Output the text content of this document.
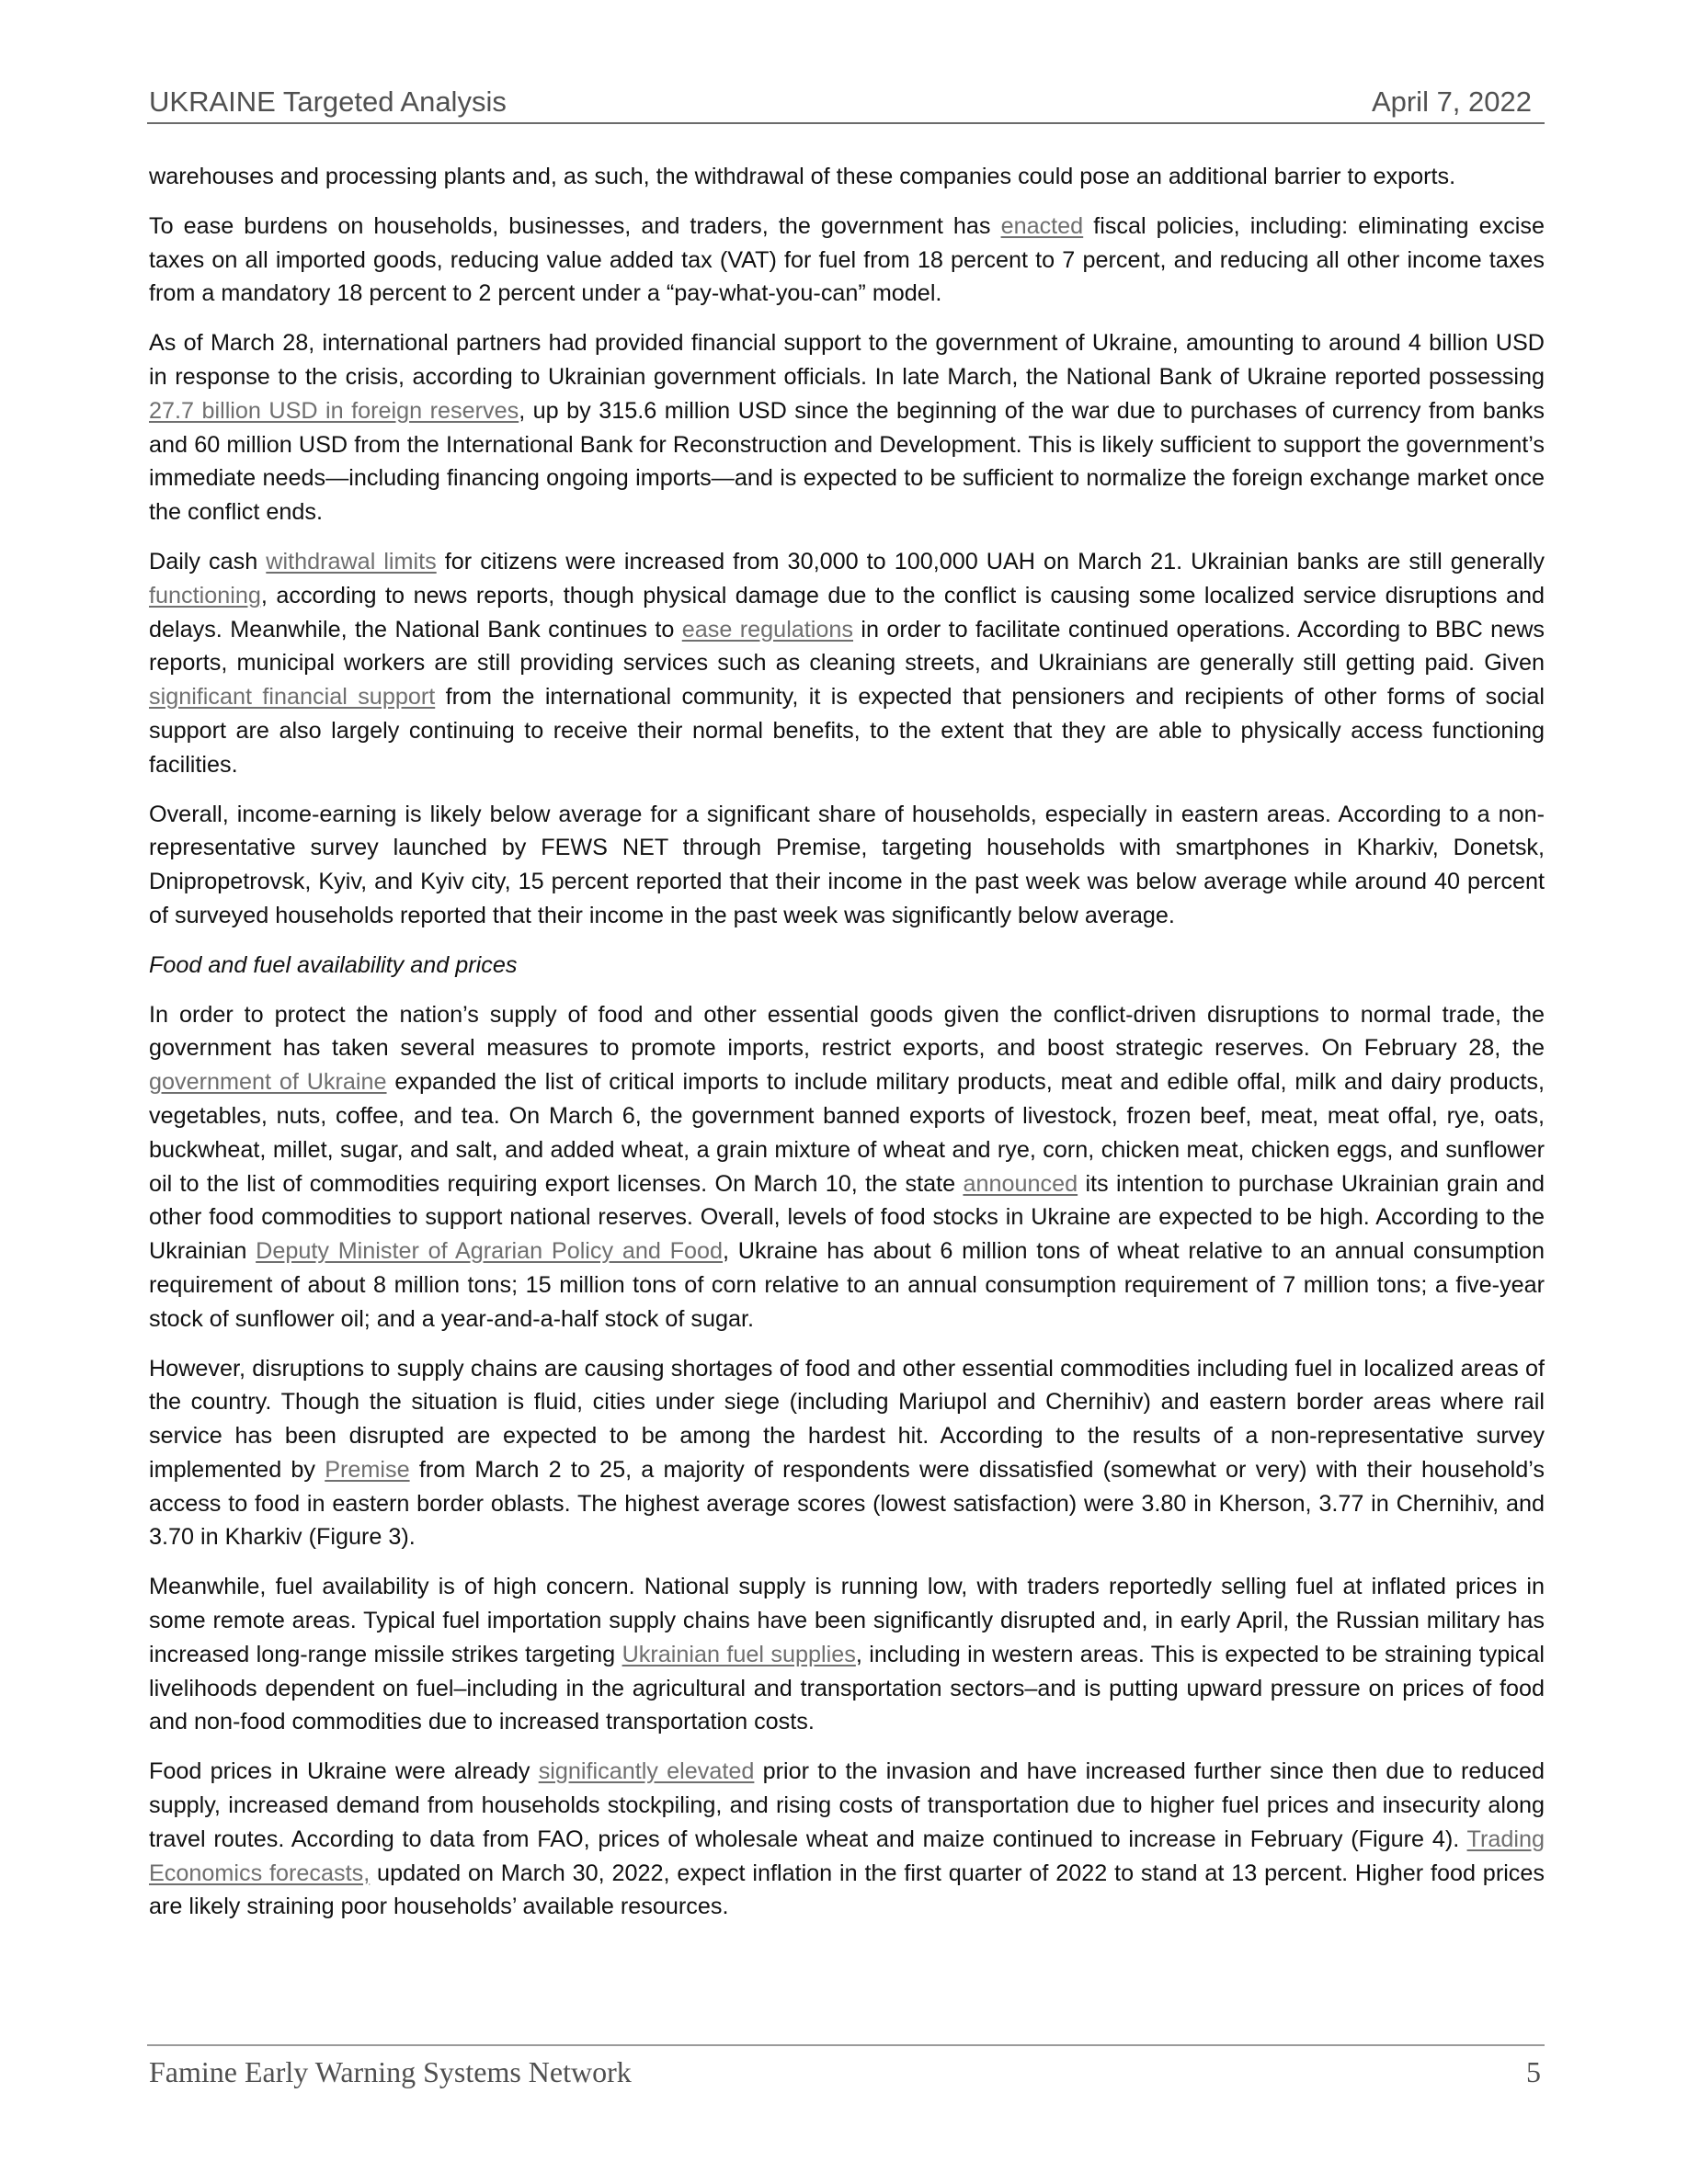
UKRAINE Targeted Analysis	April 7, 2022

warehouses and processing plants and, as such, the withdrawal of these companies could pose an additional barrier to exports.

To ease burdens on households, businesses, and traders, the government has enacted fiscal policies, including: eliminating excise taxes on all imported goods, reducing value added tax (VAT) for fuel from 18 percent to 7 percent, and reducing all other income taxes from a mandatory 18 percent to 2 percent under a “pay-what-you-can” model.

As of March 28, international partners had provided financial support to the government of Ukraine, amounting to around 4 billion USD in response to the crisis, according to Ukrainian government officials. In late March, the National Bank of Ukraine reported possessing 27.7 billion USD in foreign reserves, up by 315.6 million USD since the beginning of the war due to purchases of currency from banks and 60 million USD from the International Bank for Reconstruction and Development. This is likely sufficient to support the government’s immediate needs—including financing ongoing imports—and is expected to be sufficient to normalize the foreign exchange market once the conflict ends.

Daily cash withdrawal limits for citizens were increased from 30,000 to 100,000 UAH on March 21. Ukrainian banks are still generally functioning, according to news reports, though physical damage due to the conflict is causing some localized service disruptions and delays. Meanwhile, the National Bank continues to ease regulations in order to facilitate continued operations. According to BBC news reports, municipal workers are still providing services such as cleaning streets, and Ukrainians are generally still getting paid. Given significant financial support from the international community, it is expected that pensioners and recipients of other forms of social support are also largely continuing to receive their normal benefits, to the extent that they are able to physically access functioning facilities.

Overall, income-earning is likely below average for a significant share of households, especially in eastern areas. According to a non-representative survey launched by FEWS NET through Premise, targeting households with smartphones in Kharkiv, Donetsk, Dnipropetrovsk, Kyiv, and Kyiv city, 15 percent reported that their income in the past week was below average while around 40 percent of surveyed households reported that their income in the past week was significantly below average.

Food and fuel availability and prices

In order to protect the nation’s supply of food and other essential goods given the conflict-driven disruptions to normal trade, the government has taken several measures to promote imports, restrict exports, and boost strategic reserves. On February 28, the government of Ukraine expanded the list of critical imports to include military products, meat and edible offal, milk and dairy products, vegetables, nuts, coffee, and tea. On March 6, the government banned exports of livestock, frozen beef, meat, meat offal, rye, oats, buckwheat, millet, sugar, and salt, and added wheat, a grain mixture of wheat and rye, corn, chicken meat, chicken eggs, and sunflower oil to the list of commodities requiring export licenses. On March 10, the state announced its intention to purchase Ukrainian grain and other food commodities to support national reserves. Overall, levels of food stocks in Ukraine are expected to be high. According to the Ukrainian Deputy Minister of Agrarian Policy and Food, Ukraine has about 6 million tons of wheat relative to an annual consumption requirement of about 8 million tons; 15 million tons of corn relative to an annual consumption requirement of 7 million tons; a five-year stock of sunflower oil; and a year-and-a-half stock of sugar.

However, disruptions to supply chains are causing shortages of food and other essential commodities including fuel in localized areas of the country. Though the situation is fluid, cities under siege (including Mariupol and Chernihiv) and eastern border areas where rail service has been disrupted are expected to be among the hardest hit. According to the results of a non-representative survey implemented by Premise from March 2 to 25, a majority of respondents were dissatisfied (somewhat or very) with their household’s access to food in eastern border oblasts. The highest average scores (lowest satisfaction) were 3.80 in Kherson, 3.77 in Chernihiv, and 3.70 in Kharkiv (Figure 3).

Meanwhile, fuel availability is of high concern. National supply is running low, with traders reportedly selling fuel at inflated prices in some remote areas. Typical fuel importation supply chains have been significantly disrupted and, in early April, the Russian military has increased long-range missile strikes targeting Ukrainian fuel supplies, including in western areas. This is expected to be straining typical livelihoods dependent on fuel–including in the agricultural and transportation sectors–and is putting upward pressure on prices of food and non-food commodities due to increased transportation costs.

Food prices in Ukraine were already significantly elevated prior to the invasion and have increased further since then due to reduced supply, increased demand from households stockpiling, and rising costs of transportation due to higher fuel prices and insecurity along travel routes. According to data from FAO, prices of wholesale wheat and maize continued to increase in February (Figure 4). Trading Economics forecasts, updated on March 30, 2022, expect inflation in the first quarter of 2022 to stand at 13 percent. Higher food prices are likely straining poor households’ available resources.

Famine Early Warning Systems Network	5
